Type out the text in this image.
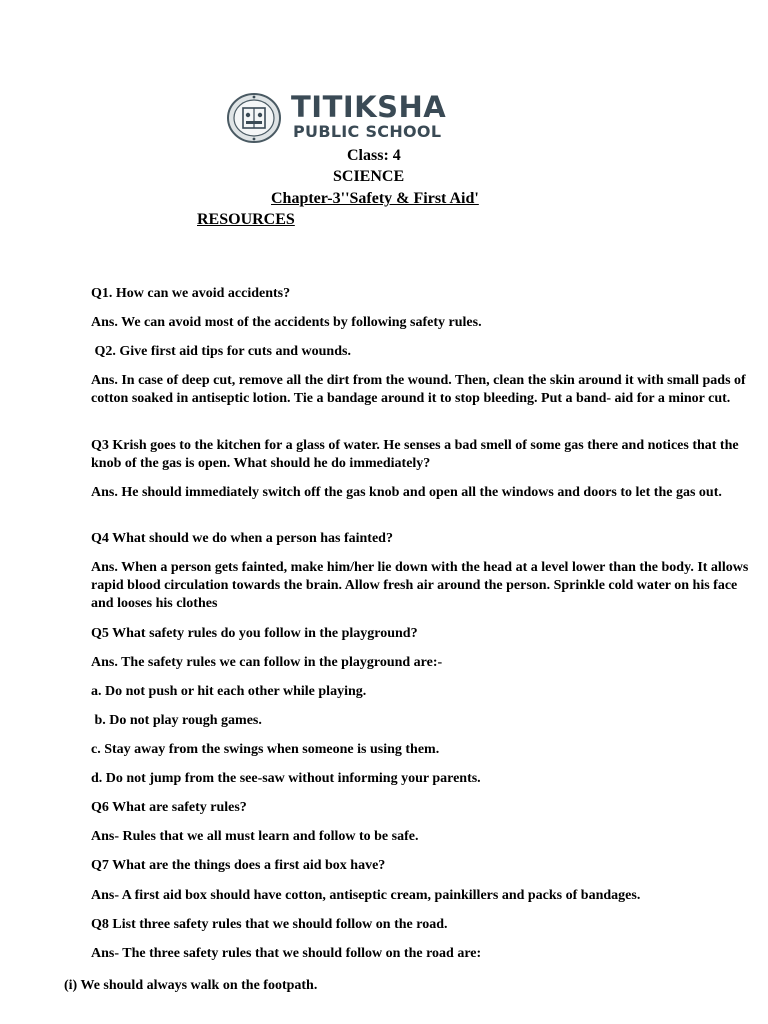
TITIKSHA
PUBLIC SCHOOL
Class: 4
SCIENCE
Chapter-3''Safety & First Aid'
RESOURCES

Q1. How can we avoid accidents?

Ans. We can avoid most of the accidents by following safety rules.

Q2. Give first aid tips for cuts and wounds.

Ans. In case of deep cut, remove all the dirt from the wound. Then, clean the skin around it with small pads of cotton soaked in antiseptic lotion. Tie a bandage around it to stop bleeding. Put a band- aid for a minor cut.

Q3 Krish goes to the kitchen for a glass of water. He senses a bad smell of some gas there and notices that the knob of the gas is open. What should he do immediately?

Ans. He should immediately switch off the gas knob and open all the windows and doors to let the gas out.

Q4 What should we do when a person has fainted?

Ans. When a person gets fainted, make him/her lie down with the head at a level lower than the body. It allows rapid blood circulation towards the brain. Allow fresh air around the person. Sprinkle cold water on his face and looses his clothes

Q5 What safety rules do you follow in the playground?

Ans. The safety rules we can follow in the playground are:-

a. Do not push or hit each other while playing.

b. Do not play rough games.

c. Stay away from the swings when someone is using them.

d. Do not jump from the see-saw without informing your parents.

Q6 What are safety rules?

Ans- Rules that we all must learn and follow to be safe.

Q7 What are the things does a first aid box have?

Ans- A first aid box should have cotton, antiseptic cream, painkillers and packs of bandages.

Q8 List three safety rules that we should follow on the road.

Ans- The three safety rules that we should follow on the road are:

(i) We should always walk on the footpath.
